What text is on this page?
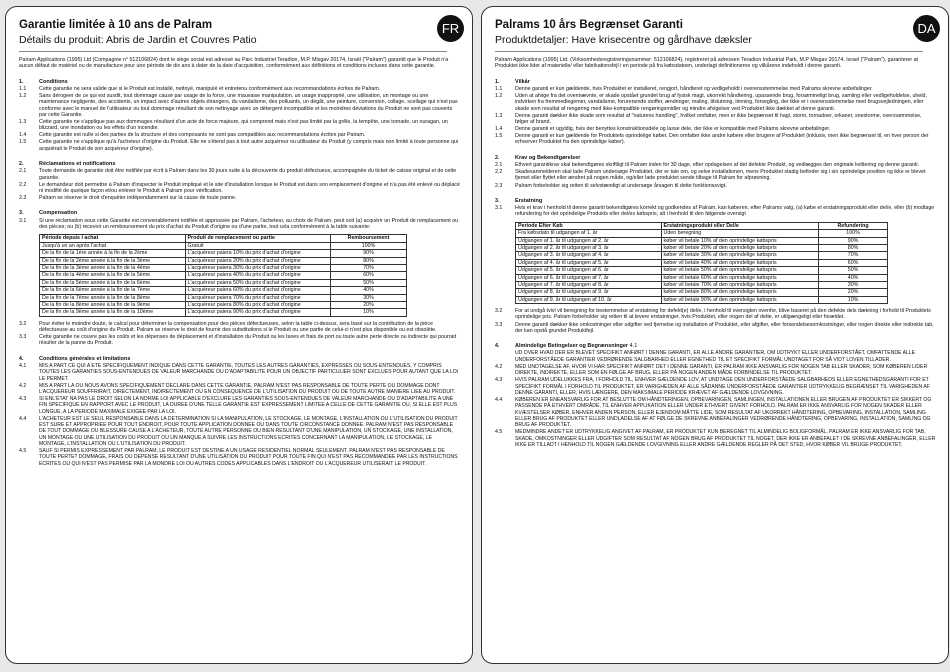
FR
Garantie limitée à 10 ans de Palram
Détails du produit: Abris de Jardin et Couvres Patio
Palram Applications (1995) Ltd (Compagnie n° 512106824) dont le siège social est adressé au Parc Industriel Teradion, M.P. Misgav 20174, Israël ("Palram") garantit que le Produit n'a aucun défaut de matériel ou de manufacture pour une période de dix ans à dater de la date d'acquisition, conformément aux définitions et conditions incluses dans cette garantie.
1.	Conditions
1.1	Cette garantie ne sera valide que si le Produit est installé, nettoyé, manipulé et entretenu conformément aux recommandations écrites de Palram.
1.2	Sans dérogeer de ce qui est susdit, tout dommage causé par usage de la force, une mauvaise manipulation, un usage inapproprié, une utilisation, un montage ou une maintenance negligente, des accidents, un impact avec d'autres objets étrangers, du vandalisme, des polluants, un dégât, une peinture, conversion, collage, scellage qui n'est pas conforme avec le manuel de l'utilisateur ou tout dommage résultant de son nettoyage avec un détergent incompatible et les moindres déviations du Produit ne sont pas couverts par cette Garantie.
1.3	Cette garantie ne s'applique pas aux dommages résultant d'un acte de force majeure, qui comprend mais n'est pas limité par la grêle, la tempête, une tornade, un ouragan, un blizzard, une inondation ou les effets d'un incendie.
1.4	Cette garantie est nulle si des parties de la structure et des composants ne sont pas compatibles aux recommandations écrites par Palram.
1.5	Cette garantie ne s'applique qu'à l'acheteur d'origine du Produit. Elle ne s'étend pas à tout autre acquéreur ou utilisateur du Produit (y compris mais non limité à toute personne qui acquiérait le Produit de son acquéreur d'origine).
2.	Réclamations et notifications
2.1	Toute demande de garantie doit être notifiée par écrit à Palram dans les 30 jours suite à la découverte du produit défectueux, accompagnée du ticket de caisse original et de cette garantie.
2.2	Le demandeur doit permettre à Palram d'inspecter le Produit impliqué et le site d'installation lorsque le Produit est dans son emplacement d'origine et n'a pas été enlevé ou déplacé ni modifié de quelque façon et/ou enlever le Produit à Palram pour vérification.
2.3	Palram se réserve le droit d'enquêter indépendamment sur la cause de toute panne.
3.	Compensation
3.1	Si une réclamation sous cette Garantie est convenablement notifiée et approuvée par Palram, l'acheteur, au choix de Palram, peut soit (a) acquérir un Produit de remplacement ou des pièces; ou (b) recevoir un remboursement du prix d'achat du Produit d'origine ou d'une partie, tout cela conformément à la table suivante:
Période depuis l achat	Produit de remplacement ou partie	Remboursement
Jusqu'à un an après l'achat	Gratuit	100%
De la fin de la 1ère année à la fin de la 2ème	L'acquéreur paiera 10% du prix d'achat d'origine	90%
De la fin de la 2ème année à la fin de la 3ème	L'acquéreur paiera 20% du prix d'achat d'origine	80%
De la fin de la 3ème année à la fin de la 4ème	L'acquéreur paiera 30% du prix d'achat d'origine	70%
De la fin de la 4ème année à la fin de la 5ème	L'acquéreur paiera 40% du prix d'achat d'origine	60%
De la fin de la 5ème année à la fin de la 6ème	L'acquéreur paiera 50% du prix d'achat d'origine	50%
De la fin de la 6ème année à la fin de la 7ème	L'acquéreur paiera 60% du prix d'achat d'origine	40%
De la fin de la 7ème année à la fin de la 8ème	L'acquéreur paiera 70% du prix d'achat d'origine	30%
De la fin de la 8ème année à la fin de la 9ème	L'acquéreur paiera 80% du prix d'achat d'origine	20%
De la fin de la 9ème année à la fin de la 10ème	L'acquéreur paiera 90% du prix d'achat d'origine	10%
3.2	Pour éviter le moindre doute, le calcul pour déterminer la compensation pour des pièces défectueuses, selon la table ci-dessus, sera basé sur la contribution de la pièce défectueuse au coût d'origine du Produit. Palram se réserve le droit de fournir des substitutions si le Produit ou une partie de celui-ci n'est plus disponible ou est obsolète.
3.3	Cette garantie ne couvre pas les coûts et les dépenses de déplacement et d'installation du Produit ou les taxes et frais de port ou toute autre perte directe ou indirecte qui pourrait résulter de la panne du Produit.
4.	Conditions générales et limitations
4.1	MIS A PART CE QUI A ETE SPECIFIQUEMENT INDIQUE DANS CETTE GARANTIE, TOUTES LES AUTRES GARANTIES, EXPRESSES OU SOUS-ENTENDUES, Y COMPRIS TOUTES LES GARANTIES SOUS-ENTENDUES DE VALEUR MARCHANDE OU D'ADAPTABILITE POUR UN OBJECTIF PARTICULIER SONT EXCLUES POUR AUTANT QUE LA LOI LE PERMET.
4.2	MIS A PART LA OU NOUS AVONS SPECIFIQUEMENT DECLARE DANS CETTE GARANTIE, PALRAM N'EST PAS RESPONSABLE DE TOUTE PERTE OU DOMMAGE DONT L'ACQUEREUR SOUFFRIRAIT, DIRECTEMENT, INDIRECTEMENT OU EN CONSEQUENCE DE L'UTILISATION DU PRODUIT OU DE TOUTE AUTRE MANIERE LIEE AU PRODUIT.
4.3	SI ENL'ÉTAT NA PAS LE DROIT SELON LA NORME LOI APPLICABLE D'EXCLURE LES GARANTIES SOUS-ENTENDUES DE VALEUR MARCHANDE OU D'ADAPTABILITE A UNE FIN SPECIFIQUE EN RAPPORT AVEC LE PRODUIT, LA DUREE D'UNE TELLE GARANTIE EST EXPRESSEMENT LIMITEE A CELLE DE CETTE GARANTIE OU, SI ELLE EST PLUS LONGUE, A LA PERIODE MAXIMALE EXIGEE PAR LA LOI.
4.4	L'ACHETEUR EST LE SEUL RESPONSABLE DANS LA DETERMINATION SI LA MANIPULATION, LE STOCKAGE, LE MONTAGE, L'INSTALLATION OU L'UTILISATION DU PRODUIT EST SURE ET APPROPRIEE POUR TOUT ENDROIT, POUR TOUTE APPLICATION DONNEE OU DANS TOUTE CIRCONSTANCE DONNEE. PALRAM N'EST PAS RESPONSABLE DE TOUT DOMMAGE OU BLESSURE CAUSE A L'ACHETEUR, TOUTE AUTRE PERSONNE OU BIEN RESULTANT D'UNE MANIPULATION, UN STOCKAGE, UNE INSTALLATION, UN MONTAGE OU UNE UTILISATION DU PRODUIT OU UN MANQUE A SUIVRE LES INSTRUCTIONS ECRITES CONCERNANT LA MANIPULATION, LE STOCKAGE, LE MONTAGE, L'INSTALLATION OU L'UTILISATION DU PRODUIT.
4.5	SAUF SI PERMIS EXPRESSEMENT PAR PALRAM, LE PRODUIT EST DESTINE A UN USAGE RESIDENTIEL NORMAL SEULEMENT. PALRAM N'EST PAS RESPONSABLE DE TOUTE PERTE? DOMMAGE, FRAIS OU DEPENSE RESULTANT D'UNE UTILISATION DU PRODUIT POUR TOUTE FIN QUI N'EST PAS RECOMMANDEE PAR LES INSTRUCTIONS ECRITES OU QUI N'EST PAS PERMISE PAR LA MONDRE LOI OU AUTRES CODES APPLICABLES DANS L'ENDROIT OU L'ACQUEREUR UTILISERAIT LE PRODUIT.
DA
Palrams 10 års Begrænset Garanti
Produktdetaljer: Have krisecentre og gårdhave dæksler
Palram Applications (1995) Ltd. (Virksomhedsregistreringsnummer: 512106824), registreret på adressen Teradion Industrial Park, M.P Misgav 20174, Israel ("Palram"), garanterer at Produktet ikke lider af materielle/ eller fabrikationsfejl i en periode på fra købsdatoen, underlagt definitionerne og vilkårene indeholdt i denne garanti.
1.	Vilkår
1.1	Denne garanti er kun gældende, hvis Produktet er installeret, rengjort, håndteret og vedligeholdt i overensstemmelse med Palrams skrevne anbefalinger.
1.2	Uden at afvige fra det ovennævnte, er skade opstået grundet brug af fysisk magt, ukorrekt håndtering, upassende brug, forsømmeligt brug, samling eller vedligeholdelse, uheld, indvirken fra fremmedlegemer, vandalisme, forurenende stoffer, ændringer, maling, tilslutning, limning, forsegling, der ikke er i overensstemmelse med brugsvejledningen, eller skade som resultat af rengøring med ikke-kompatible rengøringsmidler og mindre afvigelser ved Produktet ikke dækket af denne garanti.
1.3	Denne garanti dækker ikke skade som resultat af "naturens handling", hvilket omfatter, men er ikke begrænset til hagl, storm, tornadoer, orkaner, snestorme, oversvømmelse, følger af brand.
1.4	Denne garanti er ugyldig, hvis der benyttes konstruktionsdele og lasse dele, der ikke er kompatible med Palrams skrevne anbefalinger.
1.5	Denne garanti er kun gældende for Produktets oprindelige køber. Den omfatter ikke andre købere eller brugere af Produktet (inklusiv, men ikke begrænset til, en hver person der erhverver Produktet fra den oprindelige køber).
2.	Krav og Bekendtgørelser
2.1	Ethvert garantikrav skal bekendtgøres skriftligt til Palram inden for 30 dage, efter opdagelsen af det defekte Produkt, og vedlægges den originale kvittering og denne garanti.
2.2	Skadesanmelderen skal lade Palram undersøge Produktet, der er tale om, og selve installationen, mens Produktet stadig befinder sig i sin oprindelige position og ikke er blevet fjernet eller flyttet eller ændret på nogen måde, og/eller lade produktet sende tilbage til Palram for afprøvning.
2.3	Palram forbeholder sig retten til selvstændigt at undersøge årsagen til dette funktionssvigt.
3.	Erstatning
3.1	Hvis et krav i henhold til denne garanti bekendtgøres korrekt og godkendes af Palram, kan køberen, efter Palrams valg, (a) købe et erstatningsprodukt eller del/e, eller (b) modtage refundering for det oprindelige Produkts eller del/es købspris, alt i henhold til den følgende oversigt
Periode Efter Køb	Erstatningsprodukt eller Del/e	Refundering
Fra købsdato til udgangen af 1. år	Uden beregning	100%
Udgangen af 1. år til udgangen af 2. år	køber vil betale 10% af den oprindelige købspris	90%
Udgangen af 2. år til udgangen af 3. år	køber vil betale 20% af den oprindelige købspris	80%
Udgangen af 3. år til udgangen af 4. år	køber vil betale 30% af den oprindelige købspris	70%
Udgangen af 4. år til udgangen af 5. år	køber vil betale 40% af den oprindelige købspris	60%
Udgangen af 5. år til udgangen af 6. år	køber vil betale 50% af den oprindelige købspris	50%
Udgangen af 6. år til udgangen af 7. år	køber vil betale 60% af den oprindelige købspris	40%
Udgangen af 7. år til udgangen af 8. år	køber vil betale 70% af den oprindelige købspris	30%
Udgangen af 8. år til udgangen af 9. år	køber vil betale 80% af den oprindelige købspris	20%
Udgangen af 9. år til udgangen af 10. år	køber vil betale 90% af den oprindelige købspris	10%
3.2	For at undgå tvivl vil beregning for bestemmelse af erstatning for defekt(e) del/e, i henhold til oversigten ovenfor, blive baseret på den defekte dels dækning i forhold til Produktets oprindelige pris. Palram forbeholder sig retten til at levere erstatninger, hvis Produktet, eller nogen del af dette, er utilgængeligt eller forældet.
3.3	Denne garanti dækker ikke omkostninger eller udgifter ved fjernelse og installation af Produktet, eller afgifter, eller forsendelsesomkostninger, eller nogen direkte eller indirekte tab, der kan opstå grundet Produktfejl.
4.	Almindelige Betingelser og Begrænsninger
4.1
UD OVER HVAD DER ER BLEVET SPECIFIKT ANFØRT I DENNE GARANTI, ER ALLE ANDRE GARANTIER, OM UDTRYKT ELLER UNDERFORSTÅET, OMFATTENDE ALLE UNDERFORSTÅEDE GARANTIER VEDRØRENDE SALGBARHED ELLER EGNETHED TIL ET SPECIFIKT FORMÅL UNDTAGET FOR SÅ VIDT LOVEN TILLADER.
4.2	MED UNDTAGELSE AF, HVOR VI HAR SPECIFIKT ANFØRT DET I DENNE GARANTI, ER PALRAM IKKE ANSVARLIG FOR NOGEN TAB ELLER SKADER, SOM KØBEREN LIDER DIREKTE, INDIREKTE, ELLER SOM EN FØLGE AF BRUG, ELLER PÅ NOGEN ANDEN MÅDE FORBINDELSE TIL PRODUKTET.
4.3	HVIS PALRAM UDELUKKES FRA, I FORHOLD TIL, ENHVER GÆLDENDE LOV, AT UNDTAGE DEN UNDERFORSTÅEDE SALGBARHEDS ELLER EGNETHEDSGARANTI FOR ET SPECIFIKT FORMÅL I FORHOLD TIL PRODUKTET, ER VARIGHEDEN AF ALLE SÅDANNE UNDERFORSTÅEDE GARANTIER UDTRYKKELIG BEGRÆNSET TIL VARIGHEDEN AF DENNE GARANTI, ELLER, HVIS LÆNGERE, DEN MAKSIMALE PERIODE KRÆVET AF GÆLDENDE LOVGIVNING.
4.4	KØBEREN ER ENEANSVARLIG FOR AT BESLUTTE OM HÅNDTERINGEN, OPBEVARINGEN, SAMLINGEN, INSTALLATIONEN ELLER BRUGEN AF PRODUKTET ER SIKKERT OG PASSENDE PÅ ETHVERT OMRÅDE, TIL ENHVER APPLIKATION ELLER UNDER ETHVERT GIVENT FORHOLD. PALRAM ER IKKE ANSVARLIG FOR NOGEN SKADER ELLER KVÆSTELSER KØBER, ENHVER ANDEN PERSON, ELLER EJENDOM MÅTTE LIDE, SOM RESULTAT AF UKORREKT HÅNDTERING, OPBEVARING, INSTALLATION, SAMLING ELLER BRUG AF PRODUKTET ELLER UNDLADELSE AF AT FØLGE DE SKREVNE ANBEFALINGER VEDRØRENDE HÅNDTERING, OPBEVARING, INSTALLATION, SAMLING OG BRUG AF PRODUKTET.
4.5	MEDMINDRE ANDET ER UDTRYKKELIG ANGIVET AF PALRAM, ER PRODUKTET KUN BEREGNET TIL ALMINDELIG BOLIGFORMÅL. PALRAM ER IKKE ANSVARLIG FOR TAB, SKADE, OMKOSTNINGER ELLER UDGIFTER SOM RESULTAT AF NOGEN BRUG AF PRODUKTET TIL NOGET, DER IKKE ER ANBEFALET I DE SKREVNE ANBEFALINGER, ELLER IKKE ER TILLADT I HENHOLD TIL NOGEN GÆLDENDE LOVGIVNING ELLER ANDRE GÆLDENDE REGLER PÅ DET STED, HVOR KØBER VIL BRUGE PRODUKTET.
